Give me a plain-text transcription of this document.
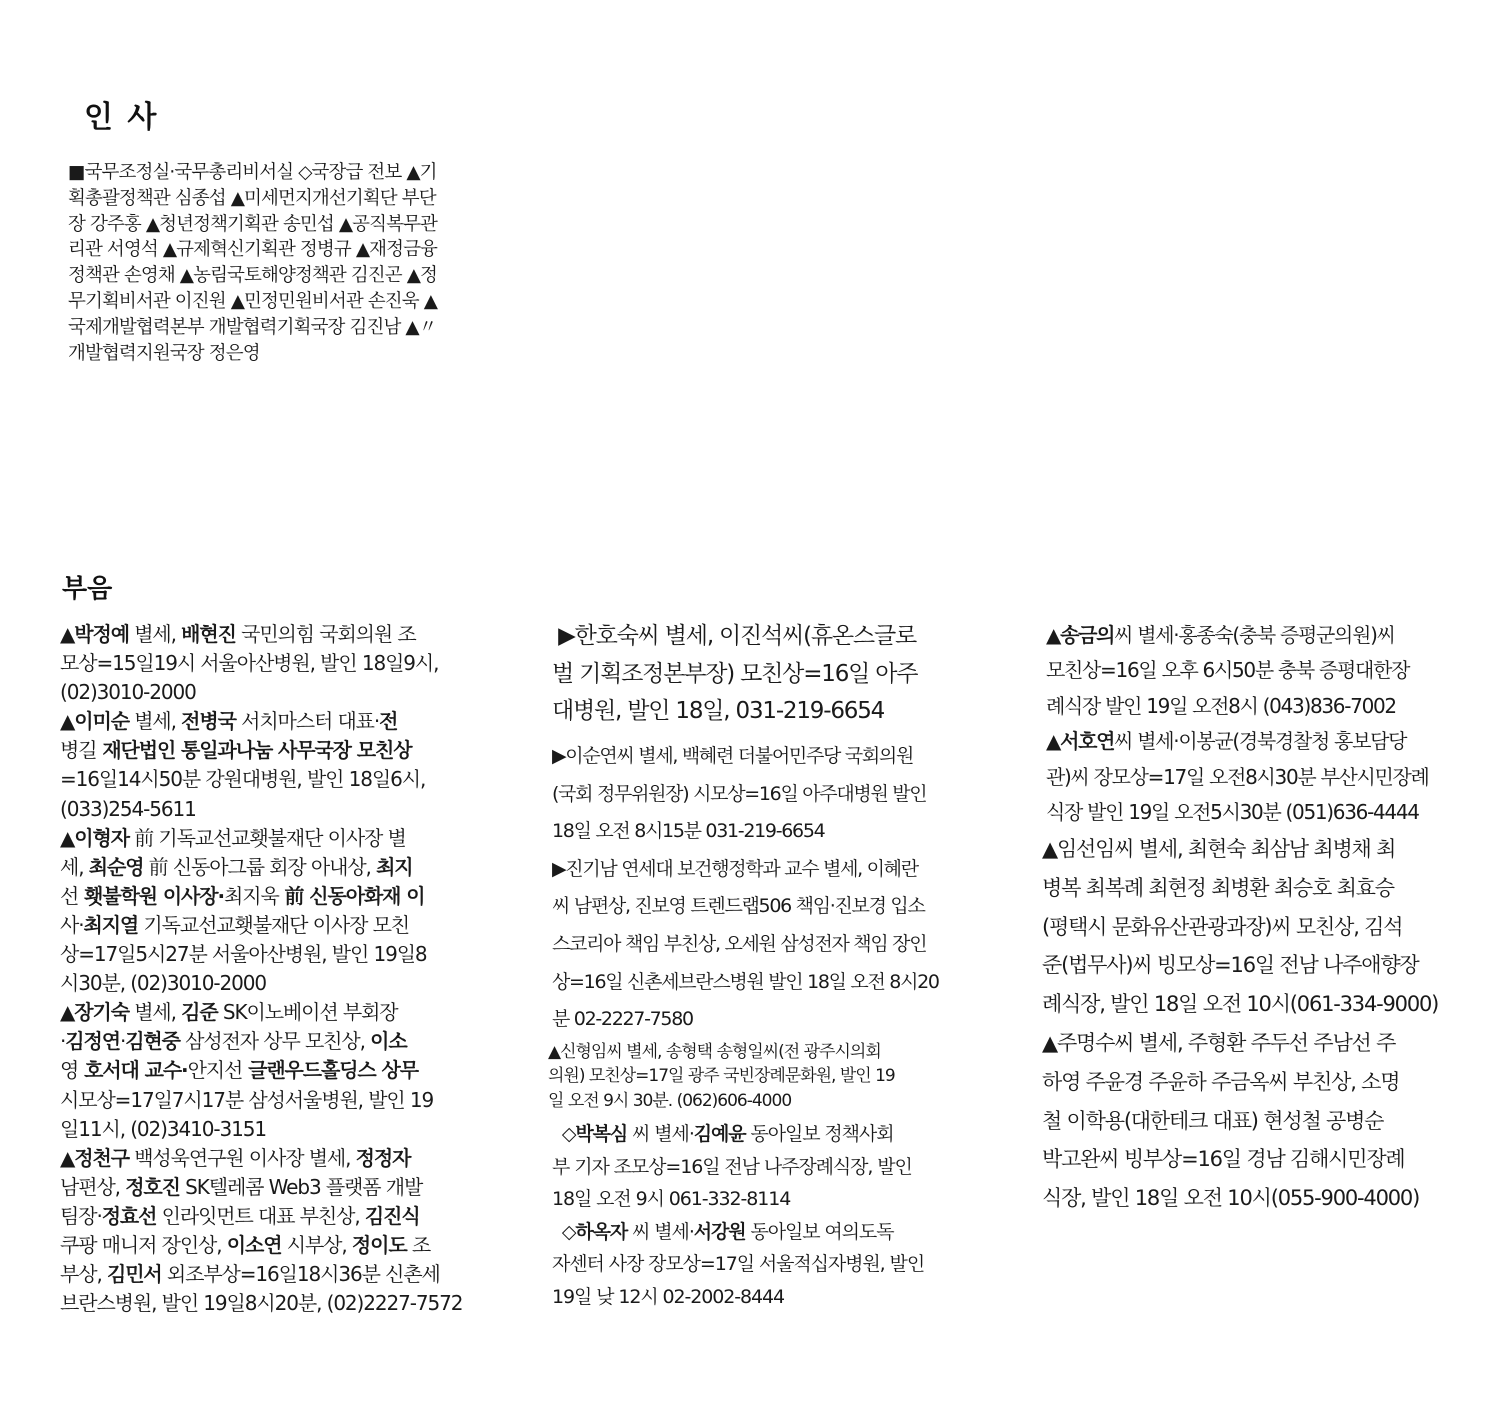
인 사
■국무조정실·국무총리비서실 ◇국장급 전보 ▲기
획총괄정책관 심종섭 ▲미세먼지개선기획단 부단
장 강주홍 ▲청년정책기획관 송민섭 ▲공직복무관
리관 서영석 ▲규제혁신기획관 정병규 ▲재정금융
정책관 손영채 ▲농림국토해양정책관 김진곤 ▲정
무기획비서관 이진원 ▲민정민원비서관 손진욱 ▲
국제개발협력본부 개발협력기획국장 김진남 ▲〃
개발협력지원국장 정은영
부음
▲박정예 별세, 배현진 국민의힘 국회의원 조
모상=15일19시 서울아산병원, 발인 18일9시,
(02)3010-2000
▲이미순 별세, 전병국 서치마스터 대표·전
병길 재단법인 통일과나눔 사무국장 모친상
=16일14시50분 강원대병원, 발인 18일6시,
(033)254-5611
▲이형자 前 기독교선교횃불재단 이사장 별
세, 최순영 前 신동아그룹 회장 아내상, 최지
선 횃불학원 이사장·최지욱 前 신동아화재 이
사·최지열 기독교선교횃불재단 이사장 모친
상=17일5시27분 서울아산병원, 발인 19일8
시30분, (02)3010-2000
▲장기숙 별세, 김준 SK이노베이션 부회장
·김정연·김현중 삼성전자 상무 모친상, 이소
영 호서대 교수·안지선 글랜우드홀딩스 상무
시모상=17일7시17분 삼성서울병원, 발인 19
일11시, (02)3410-3151
▲정천구 백성욱연구원 이사장 별세, 정정자
남편상, 정호진 SK텔레콤 Web3 플랫폼 개발
팀장·정효선 인라잇먼트 대표 부친상, 김진식
쿠팡 매니저 장인상, 이소연 시부상, 정이도 조
부상, 김민서 외조부상=16일18시36분 신촌세
브란스병원, 발인 19일8시20분, (02)2227-7572
▶한호숙씨 별세, 이진석씨(휴온스글로
벌 기획조정본부장) 모친상=16일 아주
대병원, 발인 18일, 031-219-6654
▶이순연씨 별세, 백혜련 더불어민주당 국회의원
(국회 정무위원장) 시모상=16일 아주대병원 발인
18일 오전 8시15분 031-219-6654
▶진기남 연세대 보건행정학과 교수 별세, 이혜란
씨 남편상, 진보영 트렌드랩506 책임·진보경 입소
스코리아 책임 부친상, 오세원 삼성전자 책임 장인
상=16일 신촌세브란스병원 발인 18일 오전 8시20
분 02-2227-7580
▲신형임씨 별세, 송형택 송형일씨(전 광주시의회
의원) 모친상=17일 광주 국빈장례문화원, 발인 19
일 오전 9시 30분. (062)606-4000
◇박복심 씨 별세·김예윤 동아일보 정책사회
부 기자 조모상=16일 전남 나주장례식장, 발인
18일 오전 9시 061-332-8114
◇하옥자 씨 별세·서강원 동아일보 여의도독
자센터 사장 장모상=17일 서울적십자병원, 발인
19일 낮 12시 02-2002-8444
▲송금의씨 별세·홍종숙(충북 증평군의원)씨
모친상=16일 오후 6시50분 충북 증평대한장
례식장 발인 19일 오전8시 (043)836-7002
▲서호연씨 별세·이봉균(경북경찰청 홍보담당
관)씨 장모상=17일 오전8시30분 부산시민장례
식장 발인 19일 오전5시30분 (051)636-4444
▲임선임씨 별세, 최현숙 최삼남 최병채 최
병복 최복례 최현정 최병환 최승호 최효승
(평택시 문화유산관광과장)씨 모친상, 김석
준(법무사)씨 빙모상=16일 전남 나주애향장
례식장, 발인 18일 오전 10시(061-334-9000)
▲주명수씨 별세, 주형환 주두선 주남선 주
하영 주윤경 주윤하 주금옥씨 부친상, 소명
철 이학용(대한테크 대표) 현성철 공병순
박고완씨 빙부상=16일 경남 김해시민장례
식장, 발인 18일 오전 10시(055-900-4000)
